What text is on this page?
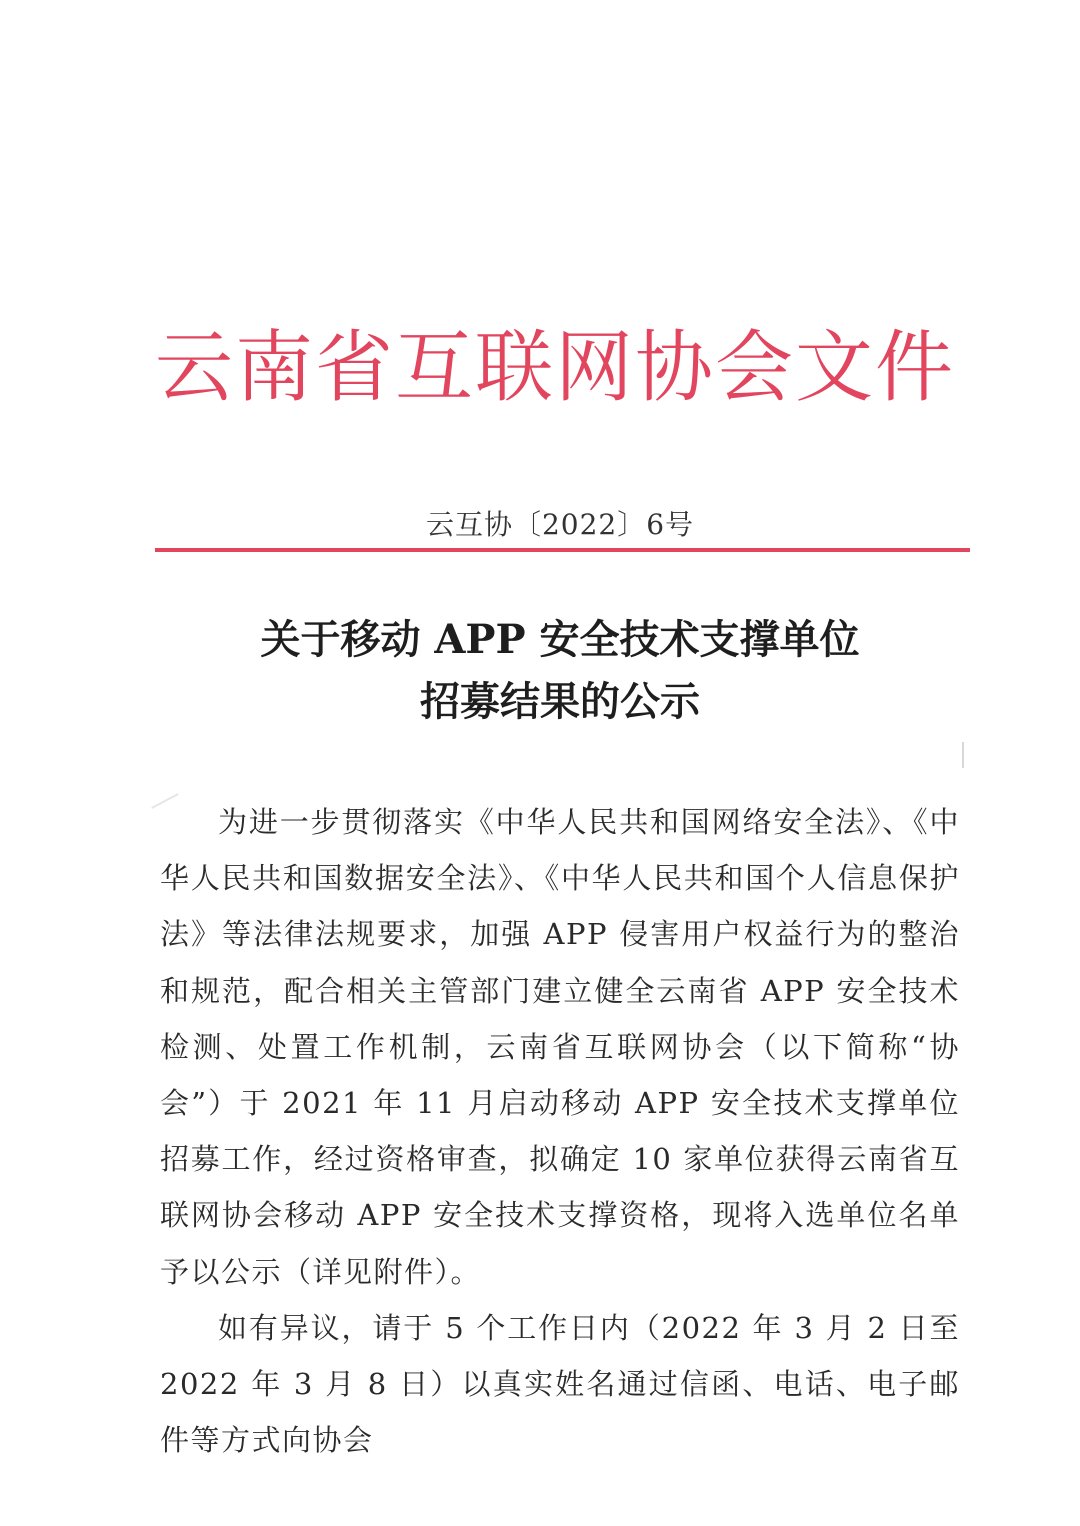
云南省互联网协会文件
云互协〔2022〕6号
关于移动 APP 安全技术支撑单位
招募结果的公示

为进一步贯彻落实《中华人民共和国网络安全法》、《中华人民共和国数据安全法》、《中华人民共和国个人信息保护法》等法律法规要求，加强 APP 侵害用户权益行为的整治和规范，配合相关主管部门建立健全云南省 APP 安全技术检测、处置工作机制，云南省互联网协会（以下简称“协会”）于 2021 年 11 月启动移动 APP 安全技术支撑单位招募工作，经过资格审查，拟确定 10 家单位获得云南省互联网协会移动 APP 安全技术支撑资格，现将入选单位名单予以公示（详见附件）。

如有异议，请于 5 个工作日内（2022 年 3 月 2 日至 2022 年 3 月 8 日）以真实姓名通过信函、电话、电子邮件等方式向协会
